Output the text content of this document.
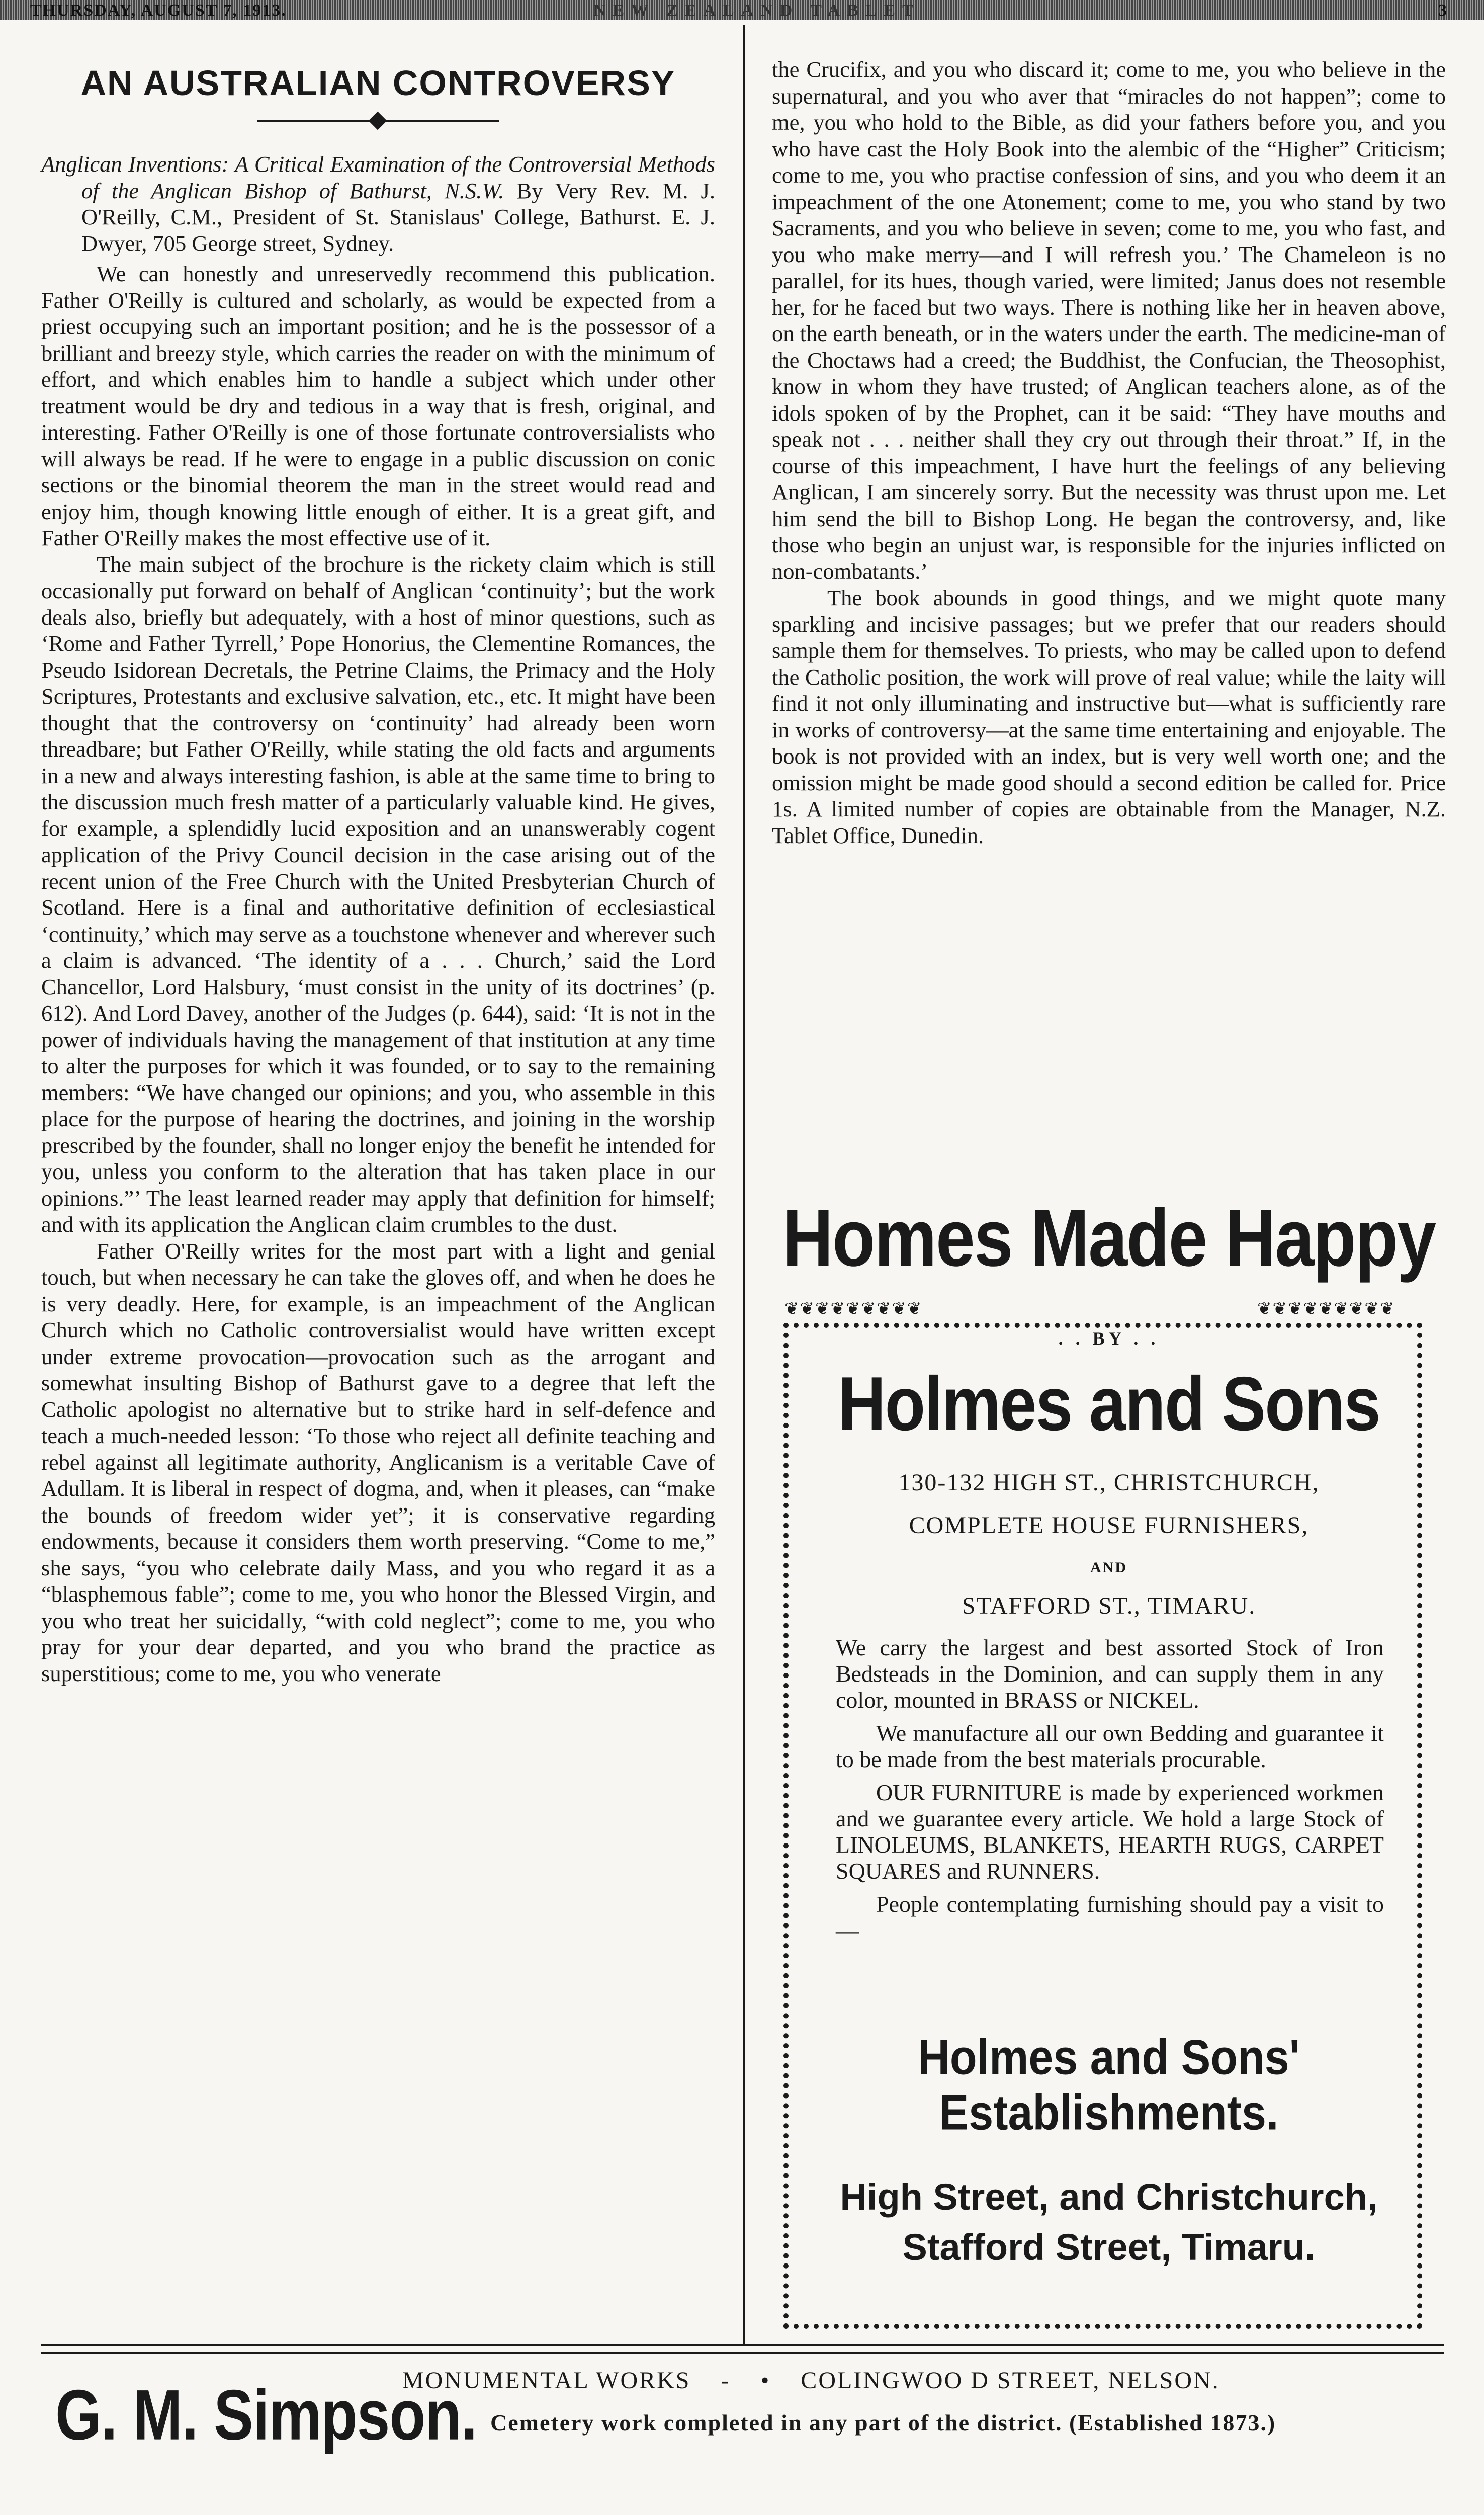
THURSDAY, AUGUST 7, 1913.	NEW ZEALAND TABLET	3
AN AUSTRALIAN CONTROVERSY

Anglican Inventions: A Critical Examination of the Controversial Methods of the Anglican Bishop of Bathurst, N.S.W. By Very Rev. M. J. O'Reilly, C.M., President of St. Stanislaus' College, Bathurst. E. J. Dwyer, 705 George street, Sydney.

We can honestly and unreservedly recommend this publication. Father O'Reilly is cultured and scholarly, as would be expected from a priest occupying such an important position; and he is the possessor of a brilliant and breezy style, which carries the reader on with the minimum of effort, and which enables him to handle a subject which under other treatment would be dry and tedious in a way that is fresh, original, and interesting. Father O'Reilly is one of those fortunate controversialists who will always be read. If he were to engage in a public discussion on conic sections or the binomial theorem the man in the street would read and enjoy him, though knowing little enough of either. It is a great gift, and Father O'Reilly makes the most effective use of it.

The main subject of the brochure is the rickety claim which is still occasionally put forward on behalf of Anglican ‘continuity’; but the work deals also, briefly but adequately, with a host of minor questions, such as ‘Rome and Father Tyrrell,’ Pope Honorius, the Clementine Romances, the Pseudo Isidorean Decretals, the Petrine Claims, the Primacy and the Holy Scriptures, Protestants and exclusive salvation, etc., etc. It might have been thought that the controversy on ‘continuity’ had already been worn threadbare; but Father O'Reilly, while stating the old facts and arguments in a new and always interesting fashion, is able at the same time to bring to the discussion much fresh matter of a particularly valuable kind. He gives, for example, a splendidly lucid exposition and an unanswerably cogent application of the Privy Council decision in the case arising out of the recent union of the Free Church with the United Presbyterian Church of Scotland. Here is a final and authoritative definition of ecclesiastical ‘continuity,’ which may serve as a touchstone whenever and wherever such a claim is advanced. ‘The identity of a . . . Church,’ said the Lord Chancellor, Lord Halsbury, ‘must consist in the unity of its doctrines’ (p. 612). And Lord Davey, another of the Judges (p. 644), said: ‘It is not in the power of individuals having the management of that institution at any time to alter the purposes for which it was founded, or to say to the remaining members: “We have changed our opinions; and you, who assemble in this place for the purpose of hearing the doctrines, and joining in the worship prescribed by the founder, shall no longer enjoy the benefit he intended for you, unless you conform to the alteration that has taken place in our opinions.”’ The least learned reader may apply that definition for himself; and with its application the Anglican claim crumbles to the dust.

Father O'Reilly writes for the most part with a light and genial touch, but when necessary he can take the gloves off, and when he does he is very deadly. Here, for example, is an impeachment of the Anglican Church which no Catholic controversialist would have written except under extreme provocation—provocation such as the arrogant and somewhat insulting Bishop of Bathurst gave to a degree that left the Catholic apologist no alternative but to strike hard in self-defence and teach a much-needed lesson: ‘To those who reject all definite teaching and rebel against all legitimate authority, Anglicanism is a veritable Cave of Adullam. It is liberal in respect of dogma, and, when it pleases, can “make the bounds of freedom wider yet”; it is conservative regarding endowments, because it considers them worth preserving. “Come to me,” she says, “you who celebrate daily Mass, and you who regard it as a “blasphemous fable”; come to me, you who honor the Blessed Virgin, and you who treat her suicidally, “with cold neglect”; come to me, you who pray for your dear departed, and you who brand the practice as superstitious; come to me, you who venerate

the Crucifix, and you who discard it; come to me, you who believe in the supernatural, and you who aver that “miracles do not happen”; come to me, you who hold to the Bible, as did your fathers before you, and you who have cast the Holy Book into the alembic of the “Higher” Criticism; come to me, you who practise confession of sins, and you who deem it an impeachment of the one Atonement; come to me, you who stand by two Sacraments, and you who believe in seven; come to me, you who fast, and you who make merry—and I will refresh you.’ The Chameleon is no parallel, for its hues, though varied, were limited; Janus does not resemble her, for he faced but two ways. There is nothing like her in heaven above, on the earth beneath, or in the waters under the earth. The medicine-man of the Choctaws had a creed; the Buddhist, the Confucian, the Theosophist, know in whom they have trusted; of Anglican teachers alone, as of the idols spoken of by the Prophet, can it be said: “They have mouths and speak not . . . neither shall they cry out through their throat.” If, in the course of this impeachment, I have hurt the feelings of any believing Anglican, I am sincerely sorry. But the necessity was thrust upon me. Let him send the bill to Bishop Long. He began the controversy, and, like those who begin an unjust war, is responsible for the injuries inflicted on non-combatants.’

The book abounds in good things, and we might quote many sparkling and incisive passages; but we prefer that our readers should sample them for themselves. To priests, who may be called upon to defend the Catholic position, the work will prove of real value; while the laity will find it not only illuminating and instructive but—what is sufficiently rare in works of controversy—at the same time entertaining and enjoyable. The book is not provided with an index, but is very well worth one; and the omission might be made good should a second edition be called for. Price 1s. A limited number of copies are obtainable from the Manager, N.Z. Tablet Office, Dunedin.

Homes Made Happy
❦❦❦❦❦❦❦❦❦	❦❦❦❦❦❦❦❦❦
. . BY . .
Holmes and Sons
130-132 HIGH ST., CHRISTCHURCH,
COMPLETE HOUSE FURNISHERS,
AND
STAFFORD ST., TIMARU.

We carry the largest and best assorted Stock of Iron Bedsteads in the Dominion, and can supply them in any color, mounted in BRASS or NICKEL.

We manufacture all our own Bedding and guarantee it to be made from the best materials procurable.

OUR FURNITURE is made by experienced workmen and we guarantee every article. We hold a large Stock of LINOLEUMS, BLANKETS, HEARTH RUGS, CARPET SQUARES and RUNNERS.

People contemplating furnishing should pay a visit to—

Holmes and Sons'
Establishments.
High Street, and Christchurch,
Stafford Street, Timaru.
G. M. Simpson.
MONUMENTAL WORKS -    • COLINGWOO D STREET, NELSON.
Cemetery work completed in any part of the district. (Established 1873.)
